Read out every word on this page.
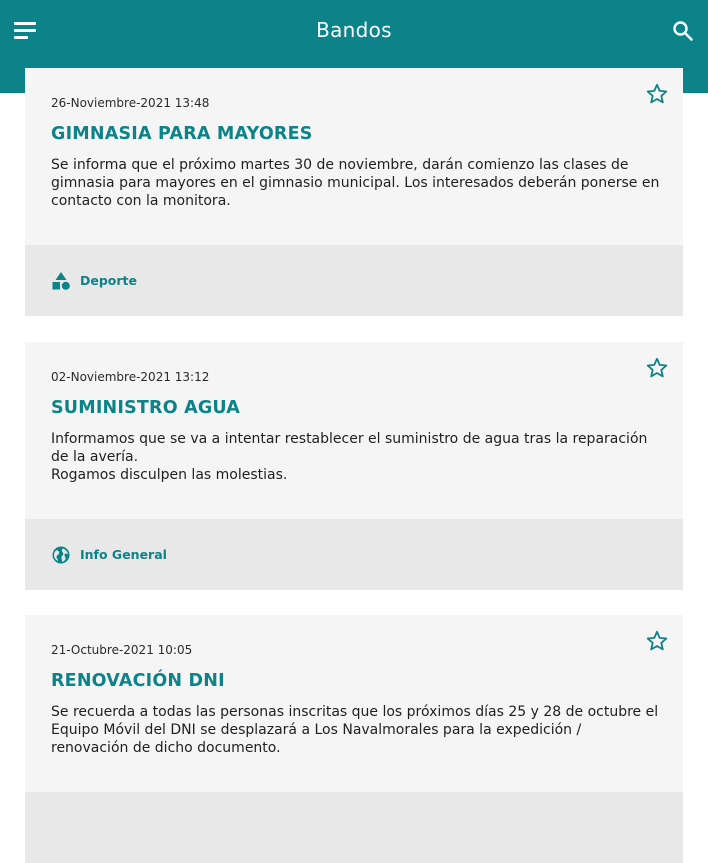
Bandos
26-Noviembre-2021 13:48
GIMNASIA PARA MAYORES
Se informa que el próximo martes 30 de noviembre, darán comienzo las clases de gimnasia para mayores en el gimnasio municipal. Los interesados deberán ponerse en contacto con la monitora.
Deporte
02-Noviembre-2021 13:12
SUMINISTRO AGUA
Informamos que se va a intentar restablecer el suministro de agua tras la reparación de la avería.
Rogamos disculpen las molestias.
Info General
21-Octubre-2021 10:05
RENOVACIÓN DNI
Se recuerda a todas las personas inscritas que los próximos días 25 y 28 de octubre el Equipo Móvil del DNI se desplazará a Los Navalmorales para la expedición / renovación de dicho documento.
